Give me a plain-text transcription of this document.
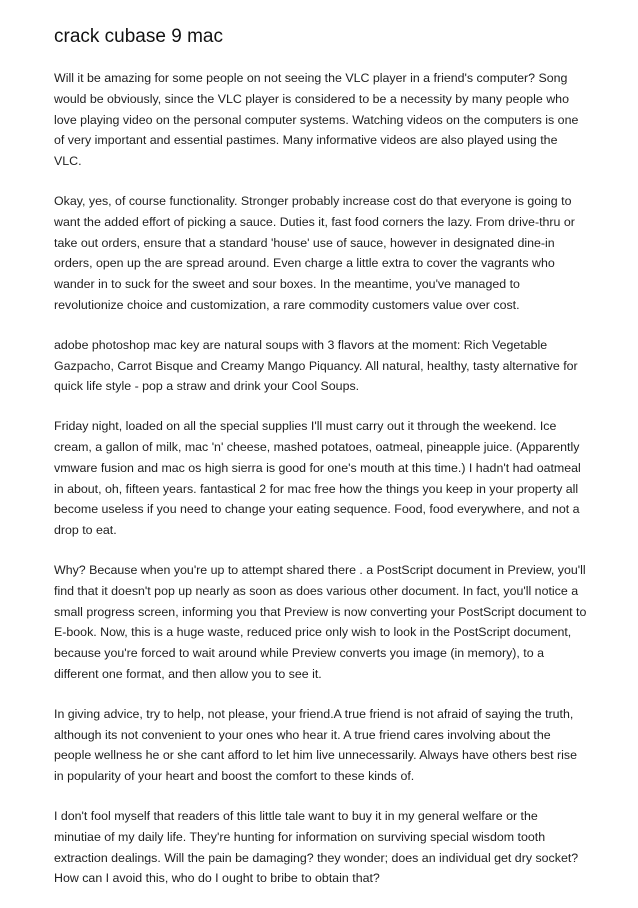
crack cubase 9 mac
Will it be amazing for some people on not seeing the VLC player in a friend's computer? Song would be obviously, since the VLC player is considered to be a necessity by many people who love playing video on the personal computer systems. Watching videos on the computers is one of very important and essential pastimes. Many informative videos are also played using the VLC.
Okay, yes, of course functionality. Stronger probably increase cost do that everyone is going to want the added effort of picking a sauce. Duties it, fast food corners the lazy. From drive-thru or take out orders, ensure that a standard 'house' use of sauce, however in designated dine-in orders, open up the are spread around. Even charge a little extra to cover the vagrants who wander in to suck for the sweet and sour boxes. In the meantime, you've managed to revolutionize choice and customization, a rare commodity customers value over cost.
adobe photoshop mac key are natural soups with 3 flavors at the moment: Rich Vegetable Gazpacho, Carrot Bisque and Creamy Mango Piquancy. All natural, healthy, tasty alternative for quick life style - pop a straw and drink your Cool Soups.
Friday night, loaded on all the special supplies I'll must carry out it through the weekend. Ice cream, a gallon of milk, mac 'n' cheese, mashed potatoes, oatmeal, pineapple juice. (Apparently vmware fusion and mac os high sierra is good for one's mouth at this time.) I hadn't had oatmeal in about, oh, fifteen years. fantastical 2 for mac free how the things you keep in your property all become useless if you need to change your eating sequence. Food, food everywhere, and not a drop to eat.
Why? Because when you're up to attempt shared there . a PostScript document in Preview, you'll find that it doesn't pop up nearly as soon as does various other document. In fact, you'll notice a small progress screen, informing you that Preview is now converting your PostScript document to E-book. Now, this is a huge waste, reduced price only wish to look in the PostScript document, because you're forced to wait around while Preview converts you image (in memory), to a different one format, and then allow you to see it.
In giving advice, try to help, not please, your friend.A true friend is not afraid of saying the truth, although its not convenient to your ones who hear it. A true friend cares involving about the people wellness he or she cant afford to let him live unnecessarily. Always have others best rise in popularity of your heart and boost the comfort to these kinds of.
I don't fool myself that readers of this little tale want to buy it in my general welfare or the minutiae of my daily life. They're hunting for information on surviving special wisdom tooth extraction dealings. Will the pain be damaging? they wonder; does an individual get dry socket? How can I avoid this, who do I ought to bribe to obtain that?
